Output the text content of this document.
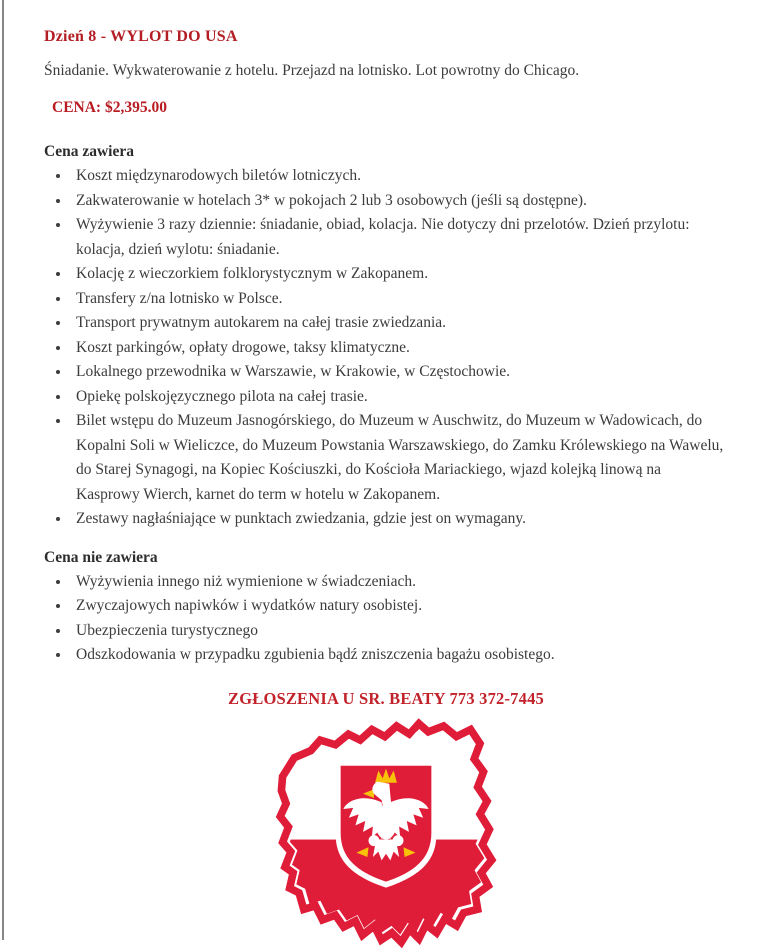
Dzień 8 - WYLOT DO USA

Śniadanie. Wykwaterowanie z hotelu. Przejazd na lotnisko. Lot powrotny do Chicago.

CENA: $2,395.00
Cena zawiera
• Koszt międzynarodowych biletów lotniczych.
• Zakwaterowanie w hotelach 3* w pokojach 2 lub 3 osobowych (jeśli są dostępne).
• Wyżywienie 3 razy dziennie: śniadanie, obiad, kolacja. Nie dotyczy dni przelotów. Dzień przylotu: kolacja, dzień wylotu: śniadanie.
• Kolację z wieczorkiem folklorystycznym w Zakopanem.
• Transfery z/na lotnisko w Polsce.
• Transport prywatnym autokarem na całej trasie zwiedzania.
• Koszt parkingów, opłaty drogowe, taksy klimatyczne.
• Lokalnego przewodnika w Warszawie, w Krakowie, w Częstochowie.
• Opiekę polskojęzycznego pilota na całej trasie.
• Bilet wstępu do Muzeum Jasnogórskiego, do Muzeum w Auschwitz, do Muzeum w Wadowicach, do Kopalni Soli w Wieliczce, do Muzeum Powstania Warszawskiego, do Zamku Królewskiego na Wawelu, do Starej Synagogi, na Kopiec Kościuszki, do Kościoła Mariackiego, wjazd kolejką linową na Kasprowy Wierch, karnet do term w hotelu w Zakopanem.
• Zestawy nagłaśniające w punktach zwiedzania, gdzie jest on wymagany.
Cena nie zawiera
• Wyżywienia innego niż wymienione w świadczeniach.
• Zwyczajowych napiwków i wydatków natury osobistej.
• Ubezpieczenia turystycznego
• Odszkodowania w przypadku zgubienia bądź zniszczenia bagażu osobistego.
ZGŁOSZENIA U SR. BEATY 773 372-7445
